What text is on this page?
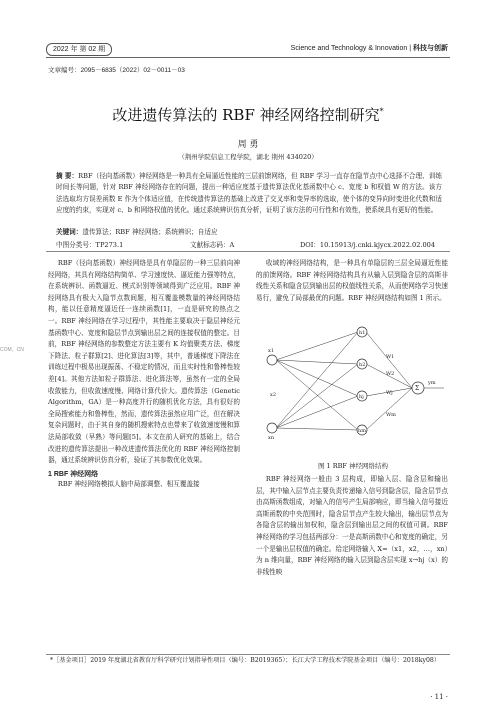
2022 年 第 02 期	Science and Technology & Innovation | 科技与创新
文章编号：2095－6835（2022）02－0011－03
改进遗传算法的 RBF 神经网络控制研究*
周 勇
（荆州学院信息工程学院，湖北 荆州 434020）
摘 要：RBF（径向基函数）神经网络是一种具有全局逼近性能的三层前馈网络，但 RBF 学习一直存在隐节点中心选择不合理、训练时间长等问题，针对 RBF 神经网络存在的问题，提出一种适应度基于遗传算法优化基函数中心 c、宽度 b 和权值 W 的方法。该方法选取均方误差函数 E 作为个体适应值，在传统遗传算法的基础上改进了交叉率和变异率的选取，使个体的变异向时变进化代数和适应度的约束，实现对 c、b 和网络权值的优化。通过系统辨识仿真分析，证明了该方法的可行性和有效性，使系统具有更好的性能。
关键词：遗传算法；RBF 神经网络；系统辨识；自适应
中图分类号：TP273.1	文献标志码：A	DOI：10.15913/j.cnki.kjycx.2022.02.004
COM，CN
RBF（径向基函数）神经网络是具有单隐层的一种三层前向神经网络，其具有网络结构简单、学习速度快、逼近能力强等特点，在系统辨识、函数逼近、模式识别等领域得到广泛应用。RBF 神经网络具有极大入隐节点数间题，相互覆盖模数量的神经网络结构，能以任意精度逼近任一连续函数[1]，一直是研究的热点之一。RBF 神经网络在学习过程中，其性能主要取决于隐层神经元基函数中心、宽度和隐层节点到输出层之间的连接权值的整定。目前，RBF 神经网络的参数整定方法主要有 K 均值聚类方法、梯度下降法、粒子群算[2]、进化算法[3]等，其中，普通梯度下降法在训练过程中极易出现振荡、不稳定的情况，而且实时性和鲁棒性较差[4]。其他方法如粒子群算法、进化算法等，虽然有一定的全局收敛能力，但收敛速度慢、网络计算代价大。遗传算法（Genetic Algorithm，GA）是一种高度并行的随机优化方法，具有很好的全局搜索能力和鲁棒性，然而，遗传算法虽然应用广泛，但在解决复杂问题时，由于其自身的随机搜索特点也带来了收敛速度慢和算法局部收敛（早熟）等问题[5]。本文在前人研究的基础上，结合改进的遗传算法提出一种改进遗传算法优化的 RBF 神经网络控制器，通过系统辨识仿真分析，验证了其参数优化效果。
1 RBF 神经网络
RBF 神经网络模拟人脑中局部调整、相互覆盖接
收域的神经网络结构，是一种具有单隐层的三层全局逼近性能的前馈网络。RBF 神经网络结构具有从输入层到隐含层的高斯非线性关系和隐含层到输出层的权值线性关系，从而使网络学习快速易行，避免了局部最优的问题。RBF 神经网络结构如图 1 所示。
x1
x2
xn
h1
h2
hj
hm
W1
W2
Wj
Wm
Σ
ym
图 1 RBF 神经网络结构
RBF 神经网络一般由 3 层构成，即输入层、隐含层和输出层，其中输入层节点主要负责传递输入信号到隐含层，隐含层节点由高斯函数组成，对输入的信号产生局部响应，即当输入信号接近高斯函数的中央范围时，隐含层节点产生较大输出，输出层节点为各隐含层的输出加权和，隐含层到输出层之间的权值可调。RBF 神经网络的学习包括两部分：一是高斯函数中心和宽度的确定，另一个是输出层权值的确定。给定网络输入 X=（x1，x2，…，xn）为 n 维向量，RBF 神经网络的输入层到隐含层实现 x→hj（x）的非线性映
*［基金项目］2019 年度湖北省教育厅科学研究计划指导性项目（编号：B2019365）；长江大学工程技术学院基金项目（编号：2018ky08）
· 11 ·
